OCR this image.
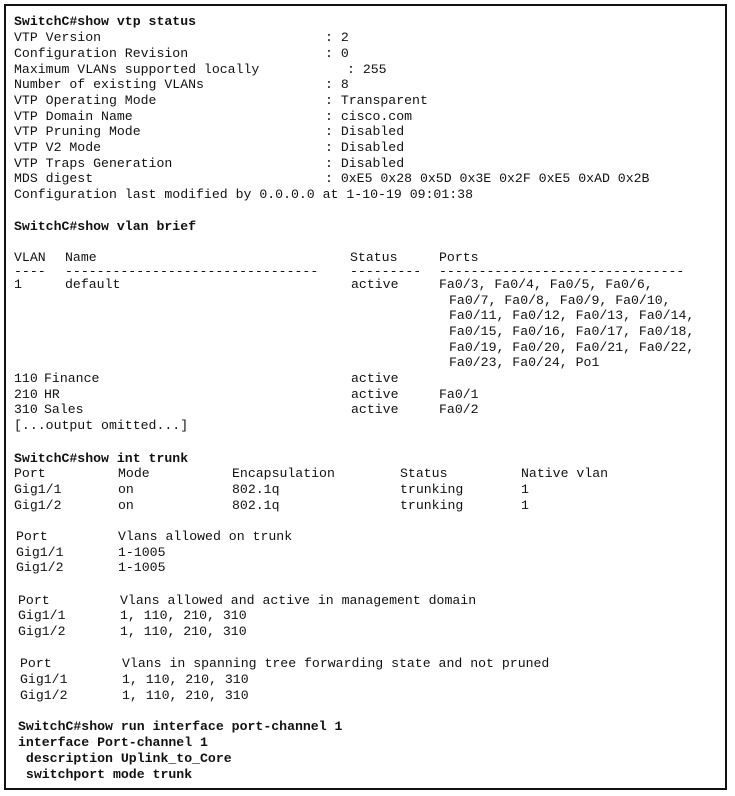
SwitchC#show vtp status
VTP Version	: 2
Configuration Revision	: 0
Maximum VLANs supported locally	: 255
Number of existing VLANs	: 8
VTP Operating Mode	: Transparent
VTP Domain Name	: cisco.com
VTP Pruning Mode	: Disabled
VTP V2 Mode	: Disabled
VTP Traps Generation	: Disabled
MDS digest	: 0xE5 0x28 0x5D 0x3E 0x2F 0xE5 0xAD 0x2B
Configuration last modified by 0.0.0.0 at 1-10-19 09:01:38
SwitchC#show vlan brief
VLAN Name	Status	Ports
---- -------------------------------- --------- -------------------------------
1	default	active	Fa0/3, Fa0/4, Fa0/5, Fa0/6,
Fa0/7, Fa0/8, Fa0/9, Fa0/10,
Fa0/11, Fa0/12, Fa0/13, Fa0/14,
Fa0/15, Fa0/16, Fa0/17, Fa0/18,
Fa0/19, Fa0/20, Fa0/21, Fa0/22,
Fa0/23, Fa0/24, Po1
110 Finance	active
210 HR	active	Fa0/1
310 Sales	active	Fa0/2
[...output omitted...]
SwitchC#show int trunk
Port	Mode	Encapsulation	Status	Native vlan
Gig1/1	on	802.1q	trunking	1
Gig1/2	on	802.1q	trunking	1
Port	Vlans allowed on trunk
Gig1/1	1-1005
Gig1/2	1-1005
Port	Vlans allowed and active in management domain
Gig1/1	1, 110, 210, 310
Gig1/2	1, 110, 210, 310
Port	Vlans in spanning tree forwarding state and not pruned
Gig1/1	1, 110, 210, 310
Gig1/2	1, 110, 210, 310
SwitchC#show run interface port-channel 1
interface Port-channel 1
description Uplink_to_Core
switchport mode trunk
